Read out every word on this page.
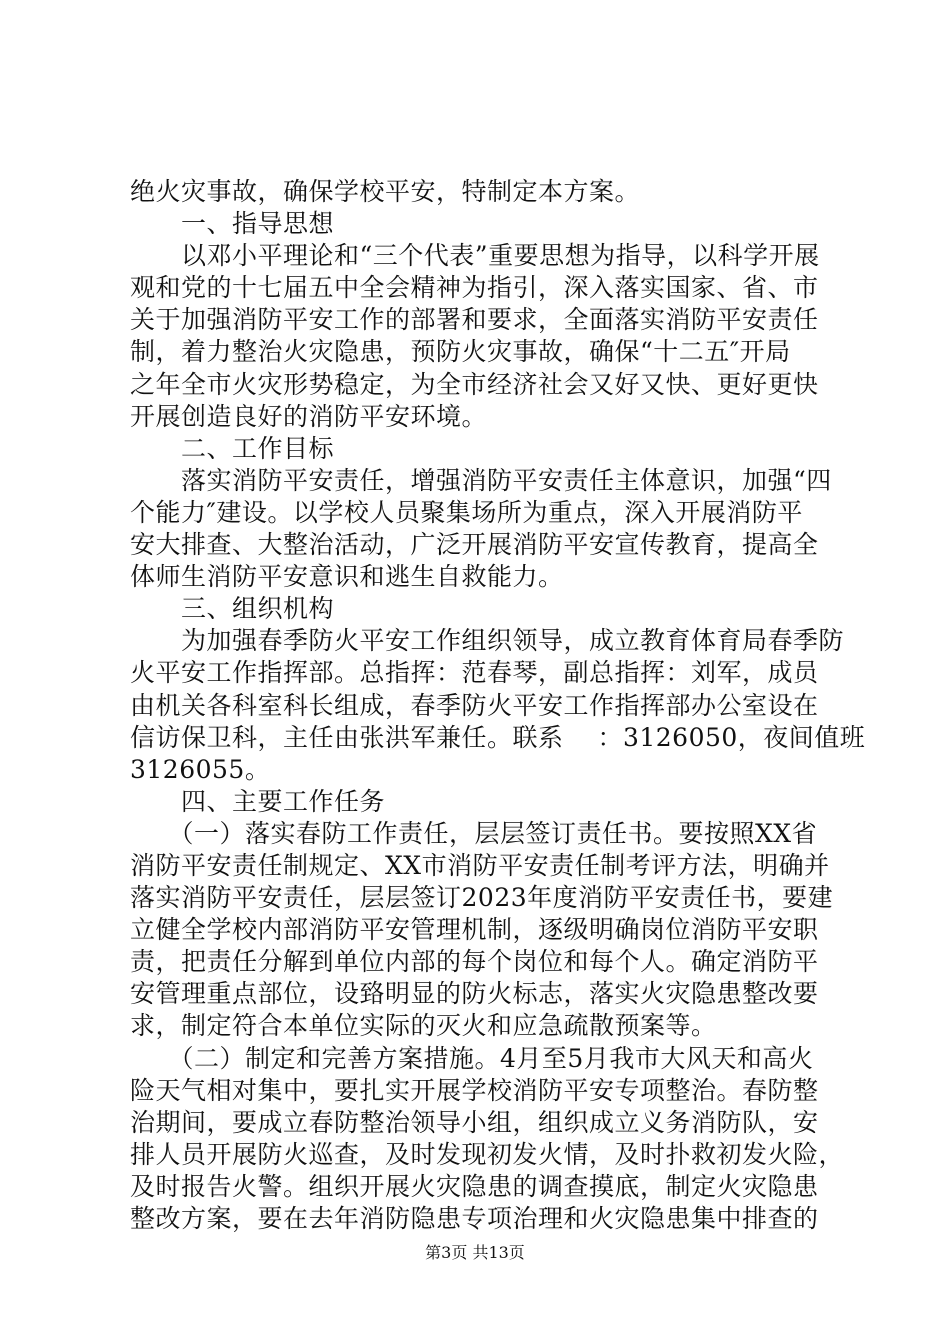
绝火灾事故，确保学校平安，特制定本方案。
　　一、指导思想
　　以邓小平理论和“三个代表”重要思想为指导，以科学开展
观和党的十七届五中全会精神为指引，深入落实国家、省、市
关于加强消防平安工作的部署和要求，全面落实消防平安责任
制，着力整治火灾隐患，预防火灾事故，确保“十二五″开局
之年全市火灾形势稳定，为全市经济社会又好又快、更好更快
开展创造良好的消防平安环境。
　　二、工作目标
　　落实消防平安责任，增强消防平安责任主体意识，加强“四
个能力″建设。以学校人员聚集场所为重点，深入开展消防平
安大排查、大整治活动，广泛开展消防平安宣传教育，提高全
体师生消防平安意识和逃生自救能力。
　　三、组织机构
　　为加强春季防火平安工作组织领导，成立教育体育局春季防
火平安工作指挥部。总指挥：范春琴，副总指挥：刘军，成员
由机关各科室科长组成，春季防火平安工作指挥部办公室设在
信访保卫科，主任由张洪军兼任。联系　 ：3126050，夜间值班
3126055。
　　四、主要工作任务
　　（一）落实春防工作责任，层层签订责任书。要按照XX省
消防平安责任制规定、XX市消防平安责任制考评方法，明确并
落实消防平安责任，层层签订2023年度消防平安责任书，要建
立健全学校内部消防平安管理机制，逐级明确岗位消防平安职
责，把责任分解到单位内部的每个岗位和每个人。确定消防平
安管理重点部位，设臵明显的防火标志，落实火灾隐患整改要
求，制定符合本单位实际的灭火和应急疏散预案等。
　　（二）制定和完善方案措施。4月至5月我市大风天和高火
险天气相对集中，要扎实开展学校消防平安专项整治。春防整
治期间，要成立春防整治领导小组，组织成立义务消防队，安
排人员开展防火巡查，及时发现初发火情，及时扑救初发火险，
及时报告火警。组织开展火灾隐患的调查摸底，制定火灾隐患
整改方案，要在去年消防隐患专项治理和火灾隐患集中排查的
第3页 共13页
